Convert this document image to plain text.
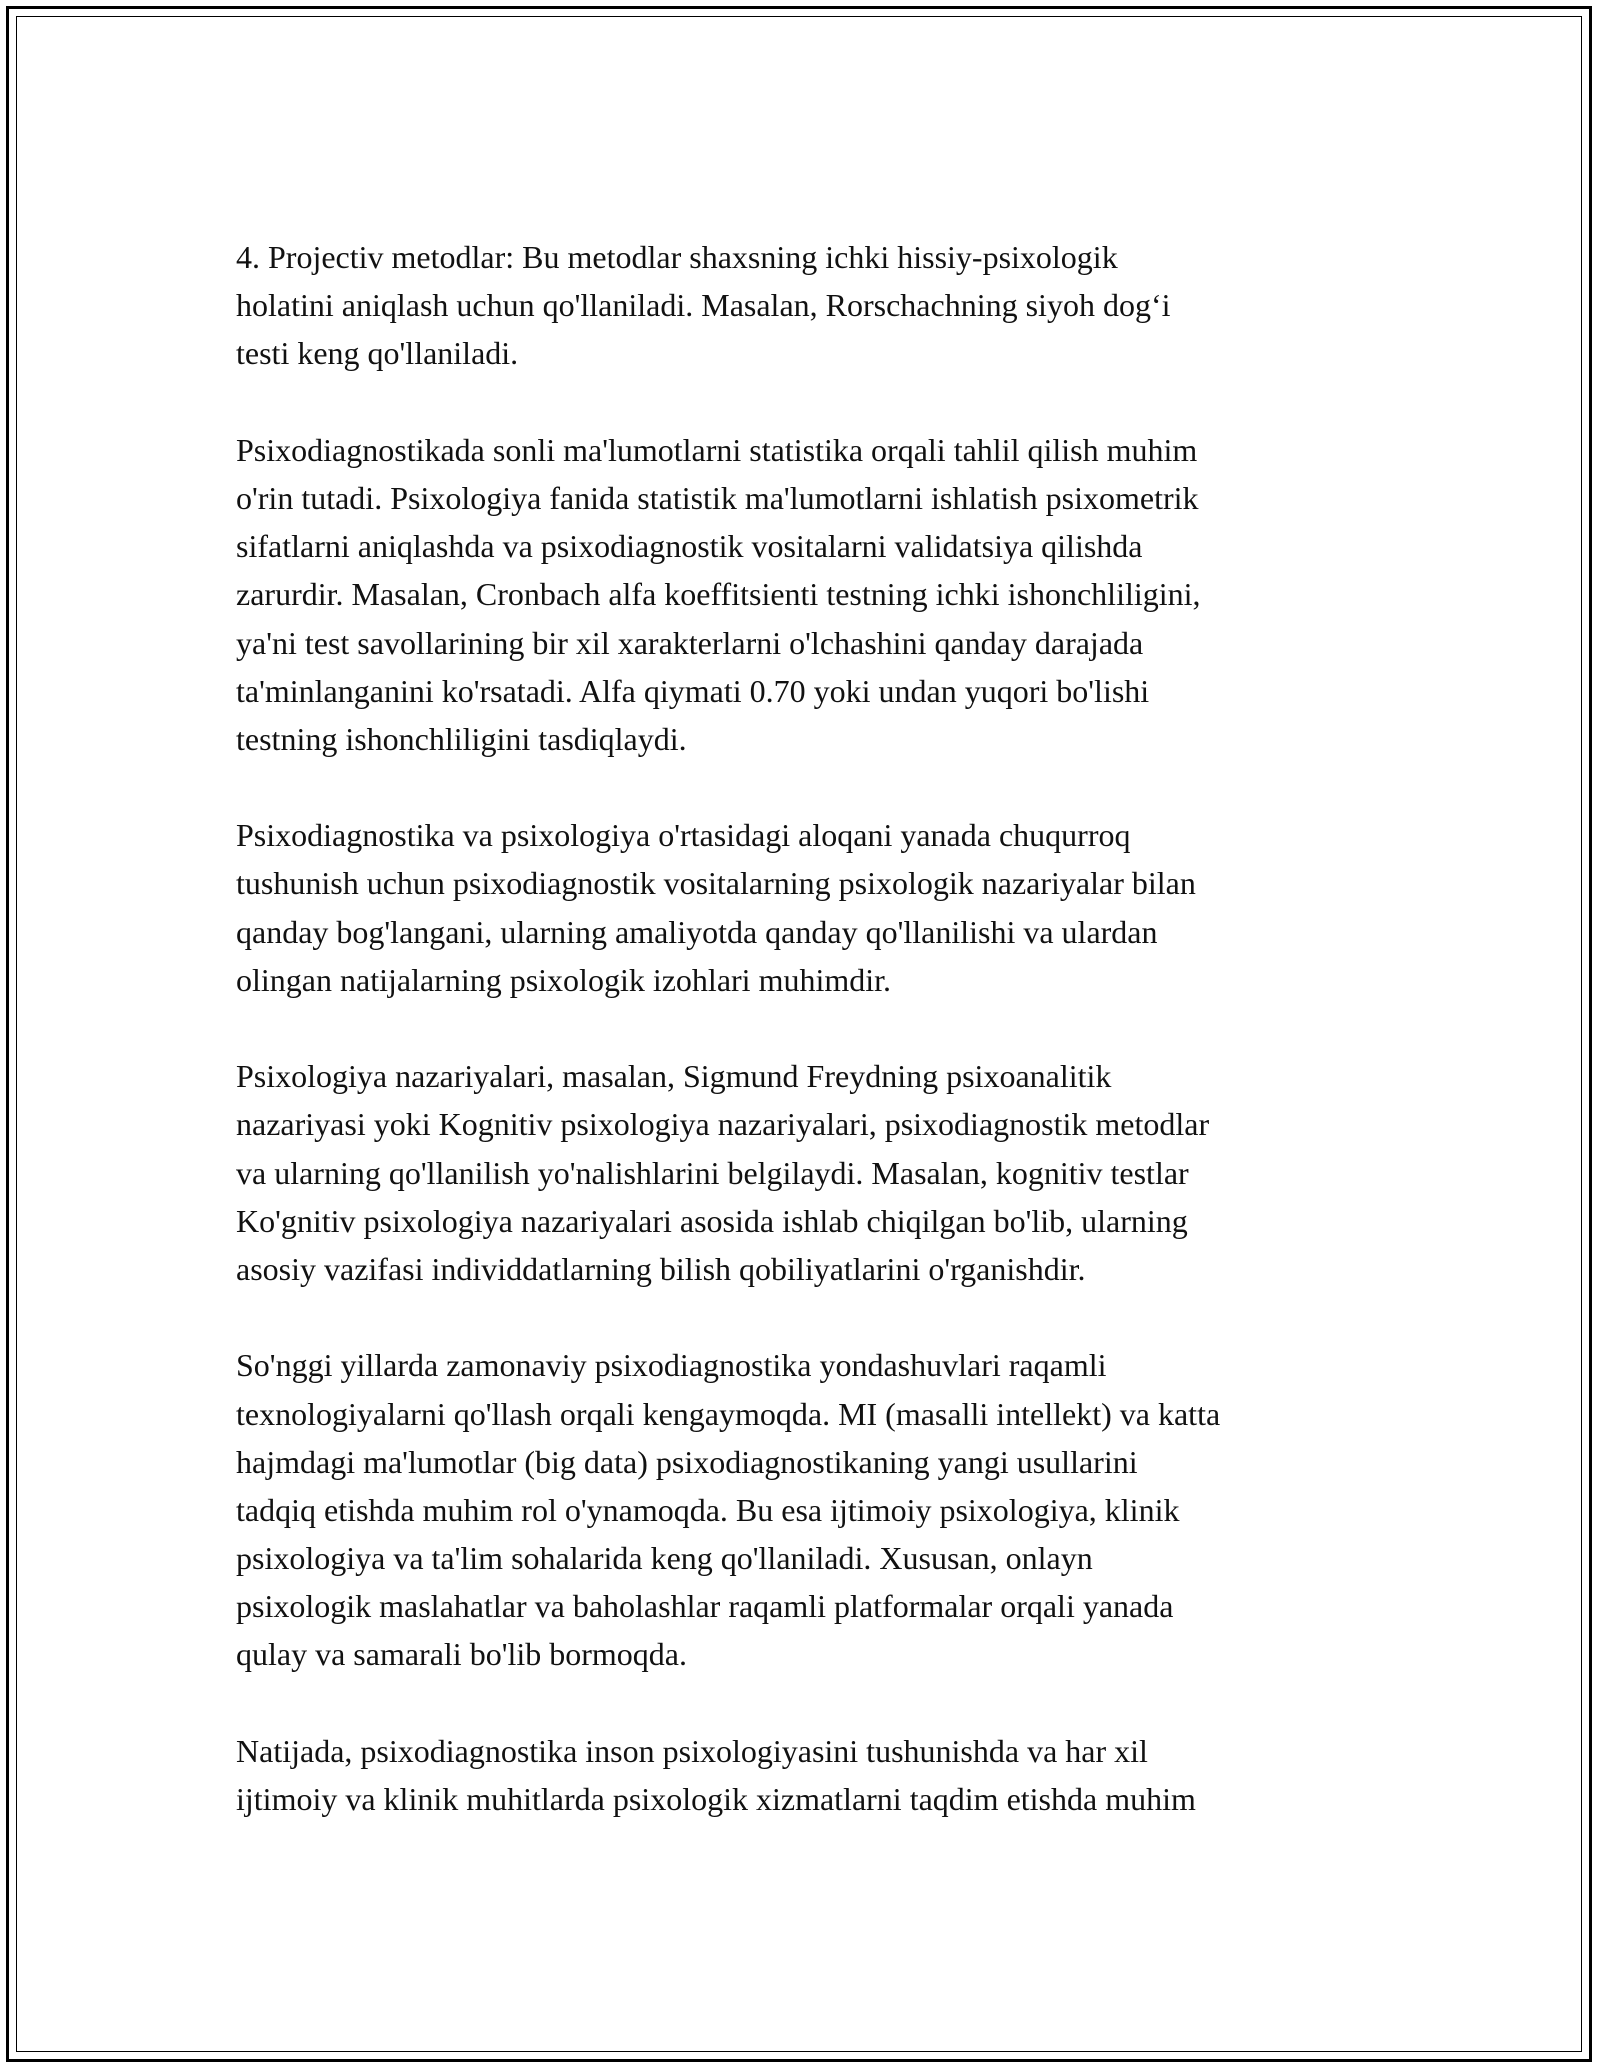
4. Projectiv metodlar: Bu metodlar shaxsning ichki hissiy-psixologik
holatini aniqlash uchun qo'llaniladi. Masalan, Rorschachning siyoh dog‘i
testi keng qo'llaniladi.
Psixodiagnostikada sonli ma'lumotlarni statistika orqali tahlil qilish muhim
o'rin tutadi. Psixologiya fanida statistik ma'lumotlarni ishlatish psixometrik
sifatlarni aniqlashda va psixodiagnostik vositalarni validatsiya qilishda
zarurdir. Masalan, Cronbach alfa koeffitsienti testning ichki ishonchliligini,
ya'ni test savollarining bir xil xarakterlarni o'lchashini qanday darajada
ta'minlanganini ko'rsatadi. Alfa qiymati 0.70 yoki undan yuqori bo'lishi
testning ishonchliligini tasdiqlaydi.
Psixodiagnostika va psixologiya o'rtasidagi aloqani yanada chuqurroq
tushunish uchun psixodiagnostik vositalarning psixologik nazariyalar bilan
qanday bog'langani, ularning amaliyotda qanday qo'llanilishi va ulardan
olingan natijalarning psixologik izohlari muhimdir.
Psixologiya nazariyalari, masalan, Sigmund Freydning psixoanalitik
nazariyasi yoki Kognitiv psixologiya nazariyalari, psixodiagnostik metodlar
va ularning qo'llanilish yo'nalishlarini belgilaydi. Masalan, kognitiv testlar
Ko'gnitiv psixologiya nazariyalari asosida ishlab chiqilgan bo'lib, ularning
asosiy vazifasi individdatlarning bilish qobiliyatlarini o'rganishdir.
So'nggi yillarda zamonaviy psixodiagnostika yondashuvlari raqamli
texnologiyalarni qo'llash orqali kengaymoqda. MI (masalli intellekt) va katta
hajmdagi ma'lumotlar (big data) psixodiagnostikaning yangi usullarini
tadqiq etishda muhim rol o'ynamoqda. Bu esa ijtimoiy psixologiya, klinik
psixologiya va ta'lim sohalarida keng qo'llaniladi. Xususan, onlayn
psixologik maslahatlar va baholashlar raqamli platformalar orqali yanada
qulay va samarali bo'lib bormoqda.
Natijada, psixodiagnostika inson psixologiyasini tushunishda va har xil
ijtimoiy va klinik muhitlarda psixologik xizmatlarni taqdim etishda muhim
